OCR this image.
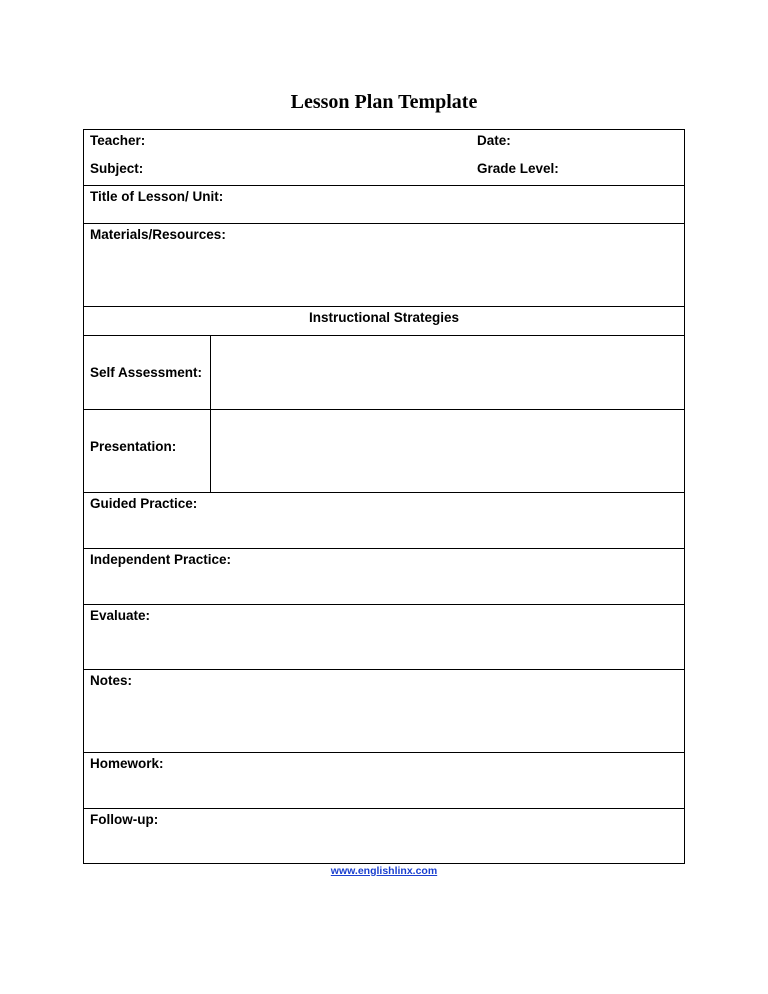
Lesson Plan Template
Teacher:	Date:
Subject:	Grade Level:
Title of Lesson/ Unit:
Materials/Resources:
Instructional Strategies
Self Assessment:
Presentation:
Guided Practice:
Independent Practice:
Evaluate:
Notes:
Homework:
Follow-up:
www.englishlinx.com
